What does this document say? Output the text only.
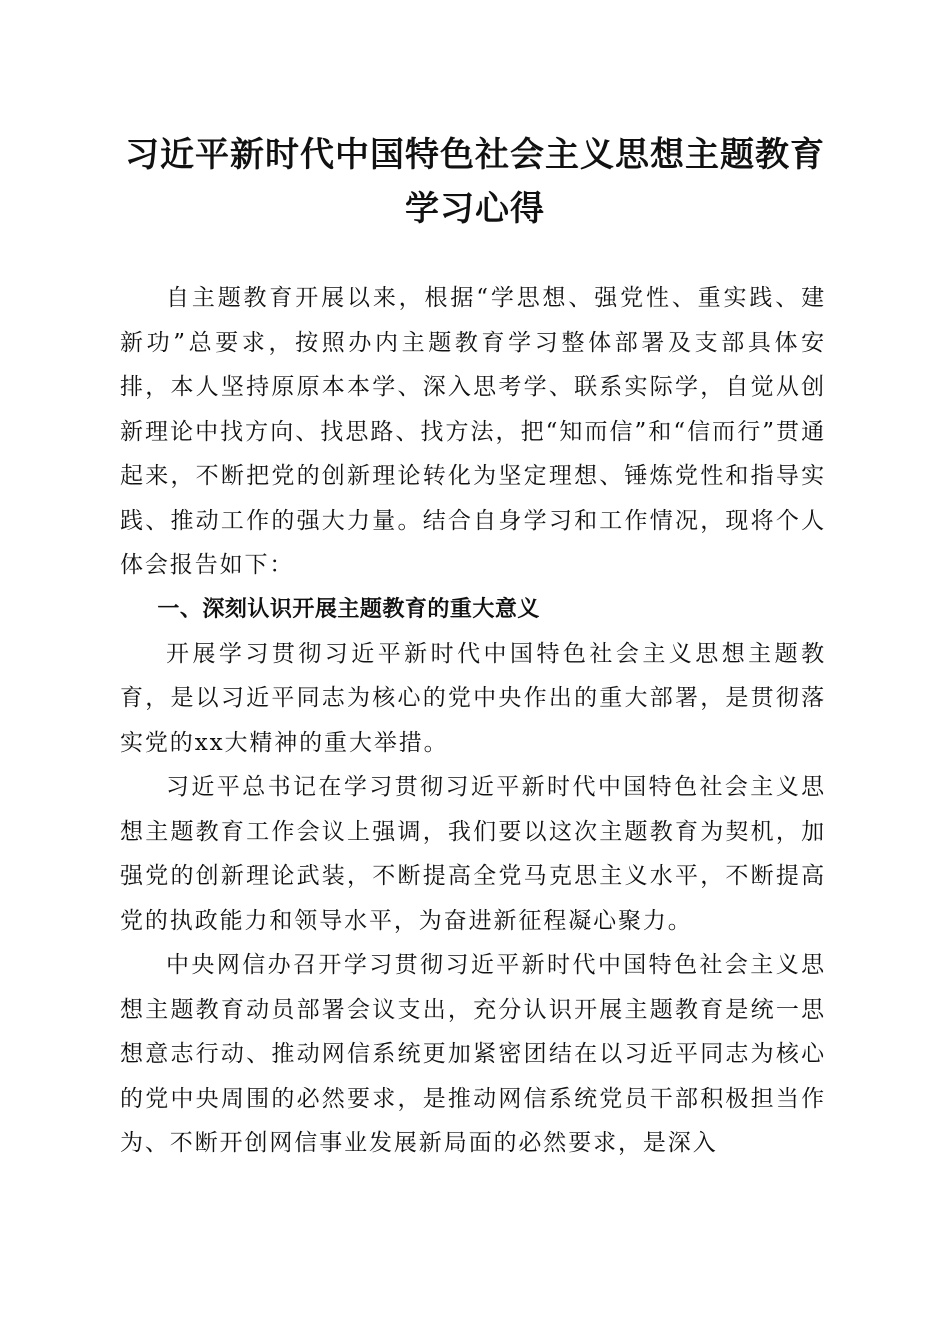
习近平新时代中国特色社会主义思想主题教育
学习心得

自主题教育开展以来，根据“学思想、强党性、重实践、建新功”总要求，按照办内主题教育学习整体部署及支部具体安排，本人坚持原原本本学、深入思考学、联系实际学，自觉从创新理论中找方向、找思路、找方法，把“知而信”和“信而行”贯通起来，不断把党的创新理论转化为坚定理想、锤炼党性和指导实践、推动工作的强大力量。结合自身学习和工作情况，现将个人体会报告如下：

一、深刻认识开展主题教育的重大意义

开展学习贯彻习近平新时代中国特色社会主义思想主题教育，是以习近平同志为核心的党中央作出的重大部署，是贯彻落实党的xx大精神的重大举措。

习近平总书记在学习贯彻习近平新时代中国特色社会主义思想主题教育工作会议上强调，我们要以这次主题教育为契机，加强党的创新理论武装，不断提高全党马克思主义水平，不断提高党的执政能力和领导水平，为奋进新征程凝心聚力。

中央网信办召开学习贯彻习近平新时代中国特色社会主义思想主题教育动员部署会议支出，充分认识开展主题教育是统一思想意志行动、推动网信系统更加紧密团结在以习近平同志为核心的党中央周围的必然要求，是推动网信系统党员干部积极担当作为、不断开创网信事业发展新局面的必然要求，是深入
